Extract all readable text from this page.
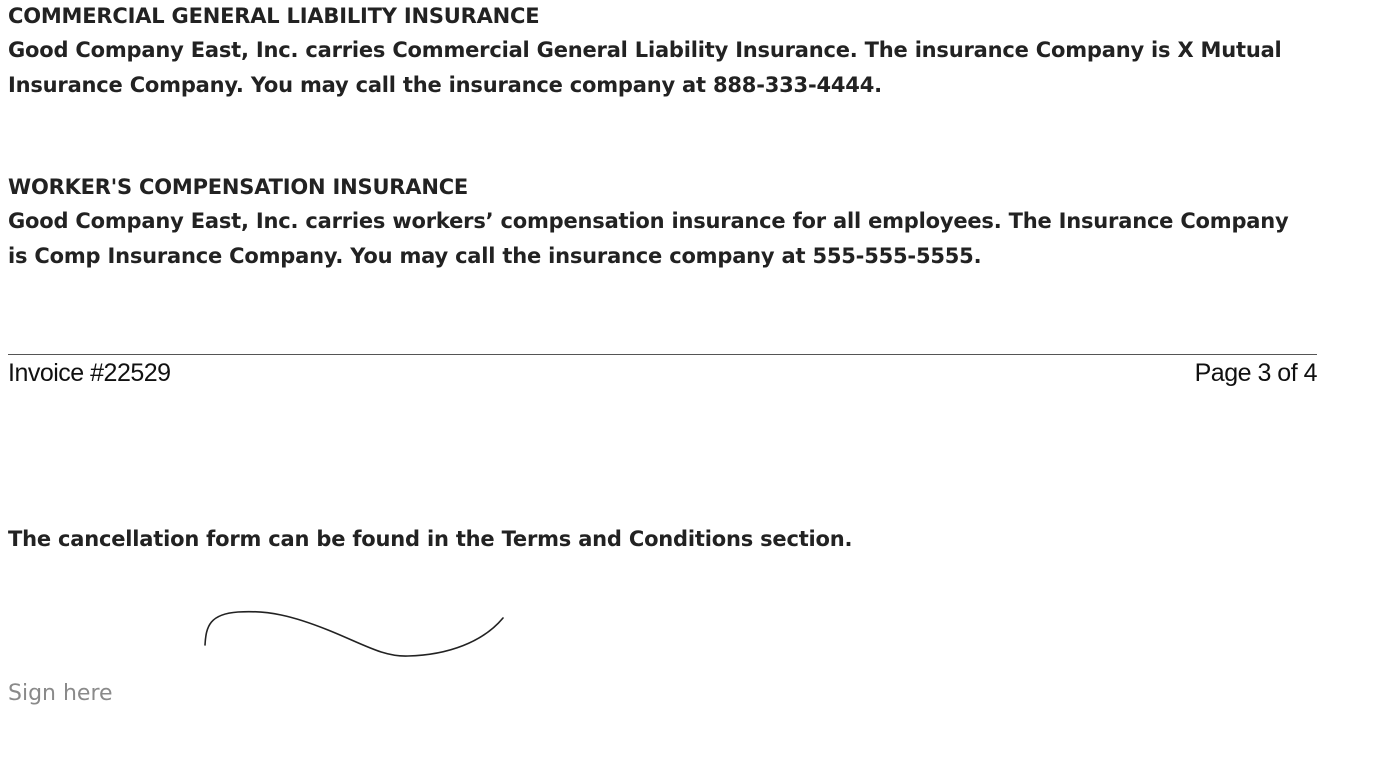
COMMERCIAL GENERAL LIABILITY INSURANCE
Good Company East, Inc. carries Commercial General Liability Insurance. The insurance Company is X Mutual Insurance Company. You may call the insurance company at 888-333-4444.
WORKER'S COMPENSATION INSURANCE
Good Company East, Inc. carries workers’ compensation insurance for all employees. The Insurance Company is Comp Insurance Company. You may call the insurance company at 555-555-5555.
Invoice #22529	Page 3 of 4
The cancellation form can be found in the Terms and Conditions section.
Sign here
